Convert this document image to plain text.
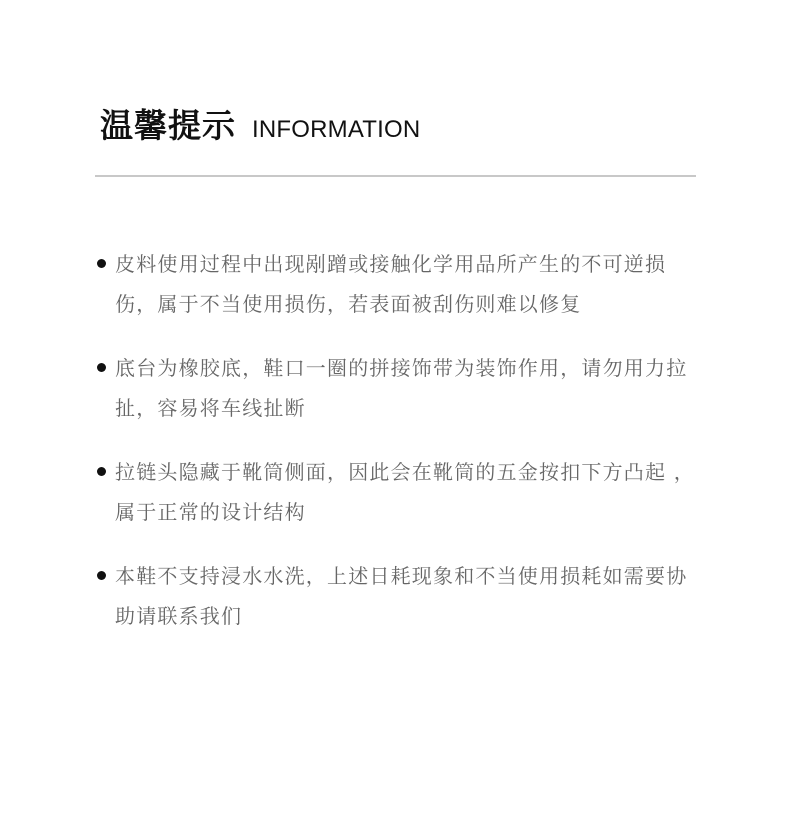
温馨提示 INFORMATION
皮料使用过程中出现剐蹭或接触化学用品所产生的不可逆损伤，属于不当使用损伤，若表面被刮伤则难以修复
底台为橡胶底，鞋口一圈的拼接饰带为装饰作用，请勿用力拉扯，容易将车线扯断
拉链头隐藏于靴筒侧面，因此会在靴筒的五金按扣下方凸起 ，属于正常的设计结构
本鞋不支持浸水水洗，上述日耗现象和不当使用损耗如需要协助请联系我们
